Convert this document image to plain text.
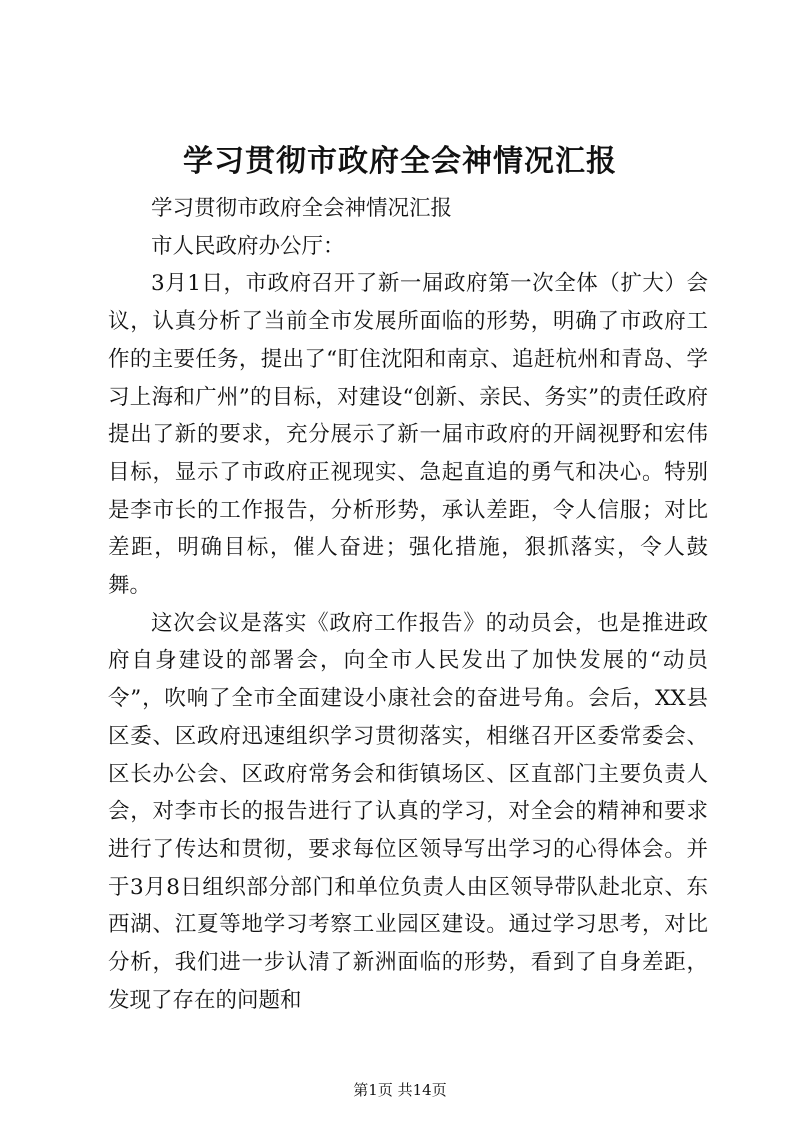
学习贯彻市政府全会神情况汇报

学习贯彻市政府全会神情况汇报

市人民政府办公厅：

3月1日，市政府召开了新一届政府第一次全体（扩大）会议，认真分析了当前全市发展所面临的形势，明确了市政府工作的主要任务，提出了“盯住沈阳和南京、追赶杭州和青岛、学习上海和广州”的目标，对建设“创新、亲民、务实”的责任政府提出了新的要求，充分展示了新一届市政府的开阔视野和宏伟目标，显示了市政府正视现实、急起直追的勇气和决心。特别是李市长的工作报告，分析形势，承认差距，令人信服；对比差距，明确目标，催人奋进；强化措施，狠抓落实，令人鼓舞。

这次会议是落实《政府工作报告》的动员会，也是推进政府自身建设的部署会，向全市人民发出了加快发展的“动员令”，吹响了全市全面建设小康社会的奋进号角。会后，XX县区委、区政府迅速组织学习贯彻落实，相继召开区委常委会、区长办公会、区政府常务会和街镇场区、区直部门主要负责人会，对李市长的报告进行了认真的学习，对全会的精神和要求进行了传达和贯彻，要求每位区领导写出学习的心得体会。并于3月8日组织部分部门和单位负责人由区领导带队赴北京、东西湖、江夏等地学习考察工业园区建设。通过学习思考，对比分析，我们进一步认清了新洲面临的形势，看到了自身差距，发现了存在的问题和

第1页 共14页
